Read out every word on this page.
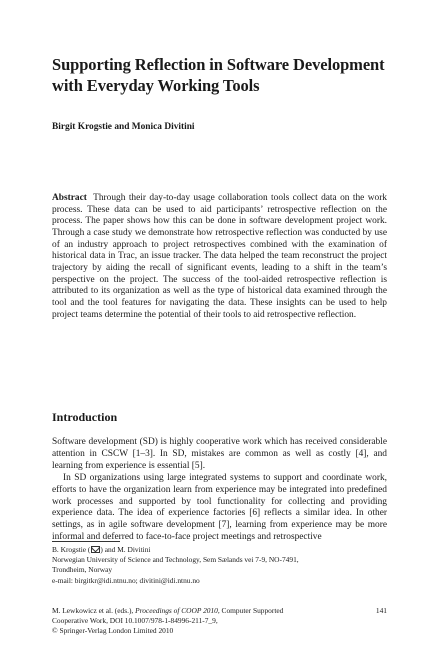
Supporting Reflection in Software Development
with Everyday Working Tools
Birgit Krogstie and Monica Divitini
Abstract Through their day-to-day usage collaboration tools collect data on the work process. These data can be used to aid participants’ retrospective reflection on the process. The paper shows how this can be done in software development project work. Through a case study we demonstrate how retrospective reflection was conducted by use of an industry approach to project retrospectives combined with the examination of historical data in Trac, an issue tracker. The data helped the team reconstruct the project trajectory by aiding the recall of significant events, leading to a shift in the team’s perspective on the project. The success of the tool-aided retrospective reflection is attributed to its organization as well as the type of historical data examined through the tool and the tool features for navigating the data. These insights can be used to help project teams determine the potential of their tools to aid retrospective reflection.
Introduction

Software development (SD) is highly cooperative work which has received considerable attention in CSCW [1–3]. In SD, mistakes are common as well as costly [4], and learning from experience is essential [5].

In SD organizations using large integrated systems to support and coordinate work, efforts to have the organization learn from experience may be integrated into predefined work processes and supported by tool functionality for collecting and providing experience data. The idea of experience factories [6] reflects a similar idea. In other settings, as in agile software development [7], learning from experience may be more informal and deferred to face-to-face project meetings and retrospective

B. Krogstie ( ) and M. Divitini
Norwegian University of Science and Technology, Sem Sælands vei 7-9, NO-7491,
Trondheim, Norway
e-mail: birgitkr@idi.ntnu.no; divitini@idi.ntnu.no
M. Lewkowicz et al. (eds.), Proceedings of COOP 2010, Computer Supported
Cooperative Work, DOI 10.1007/978-1-84996-211-7_9,
© Springer-Verlag London Limited 2010
141
